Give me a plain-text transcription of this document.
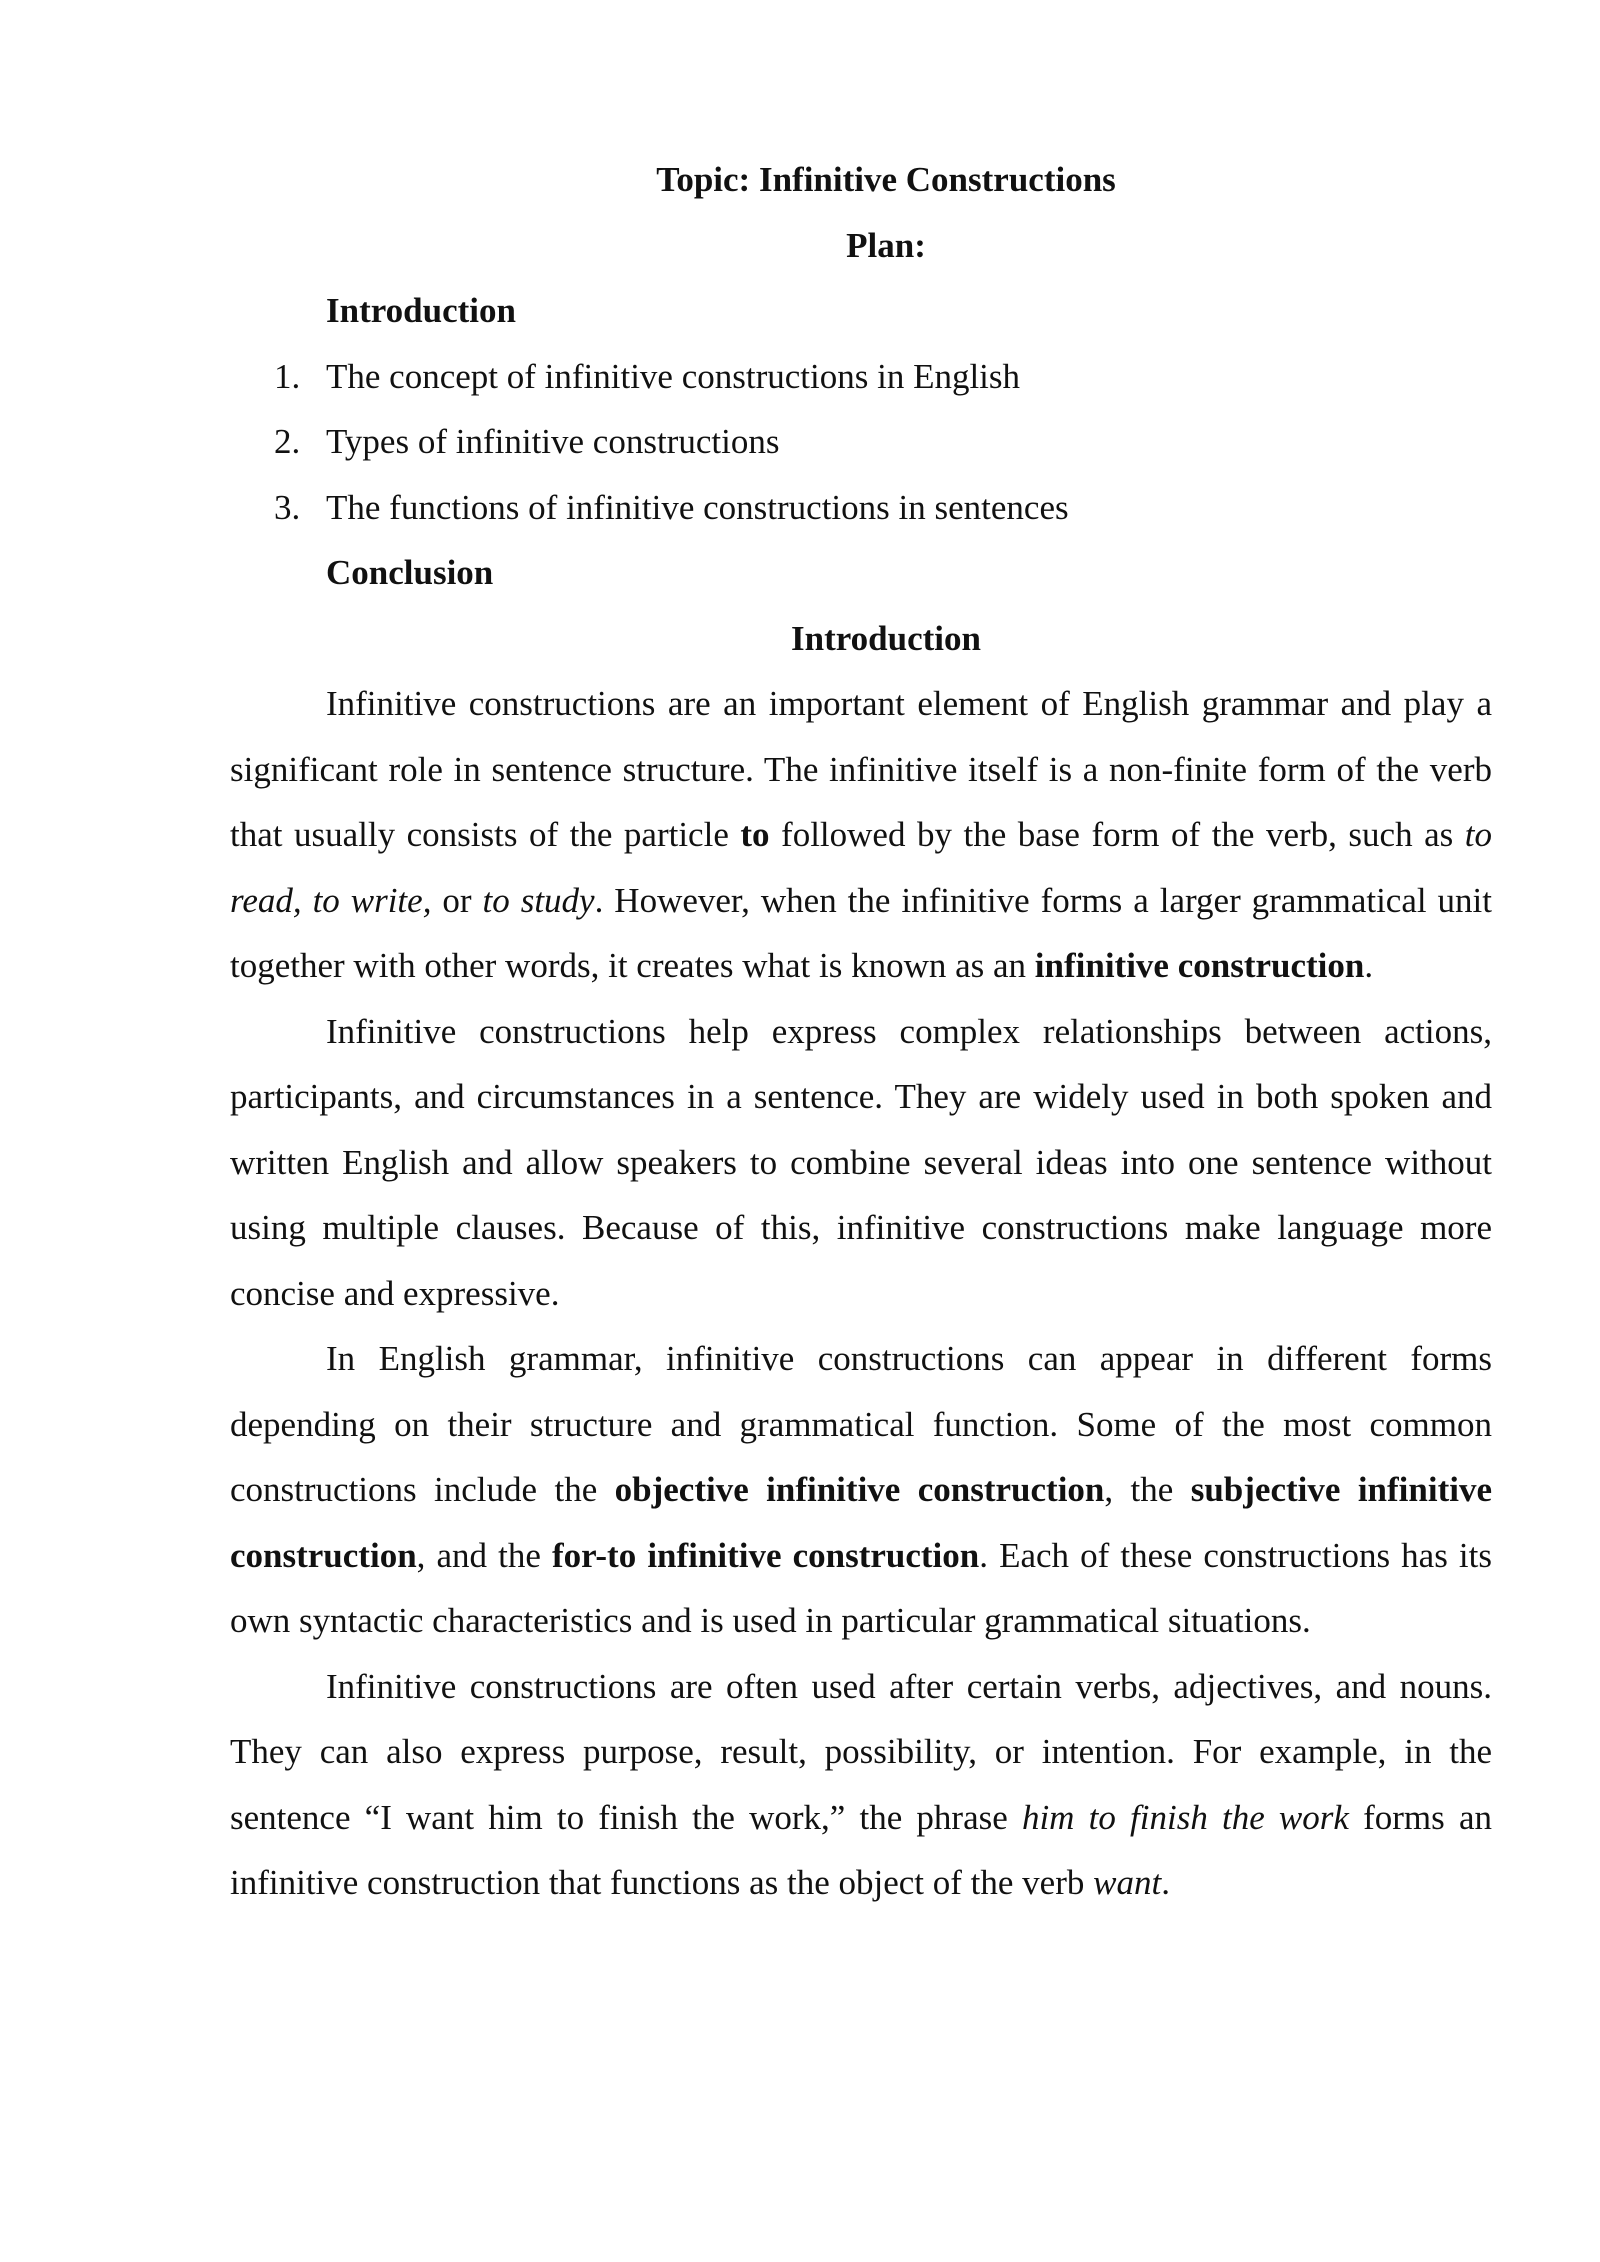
Topic: Infinitive Constructions

Plan:

Introduction

1. The concept of infinitive constructions in English
2. Types of infinitive constructions
3. The functions of infinitive constructions in sentences

Conclusion

Introduction

Infinitive constructions are an important element of English grammar and play a significant role in sentence structure. The infinitive itself is a non-finite form of the verb that usually consists of the particle to followed by the base form of the verb, such as to read, to write, or to study. However, when the infinitive forms a larger grammatical unit together with other words, it creates what is known as an infinitive construction.

Infinitive constructions help express complex relationships between actions, participants, and circumstances in a sentence. They are widely used in both spoken and written English and allow speakers to combine several ideas into one sentence without using multiple clauses. Because of this, infinitive constructions make language more concise and expressive.

In English grammar, infinitive constructions can appear in different forms depending on their structure and grammatical function. Some of the most common constructions include the objective infinitive construction, the subjective infinitive construction, and the for-to infinitive construction. Each of these constructions has its own syntactic characteristics and is used in particular grammatical situations.

Infinitive constructions are often used after certain verbs, adjectives, and nouns. They can also express purpose, result, possibility, or intention. For example, in the sentence “I want him to finish the work,” the phrase him to finish the work forms an infinitive construction that functions as the object of the verb want.
